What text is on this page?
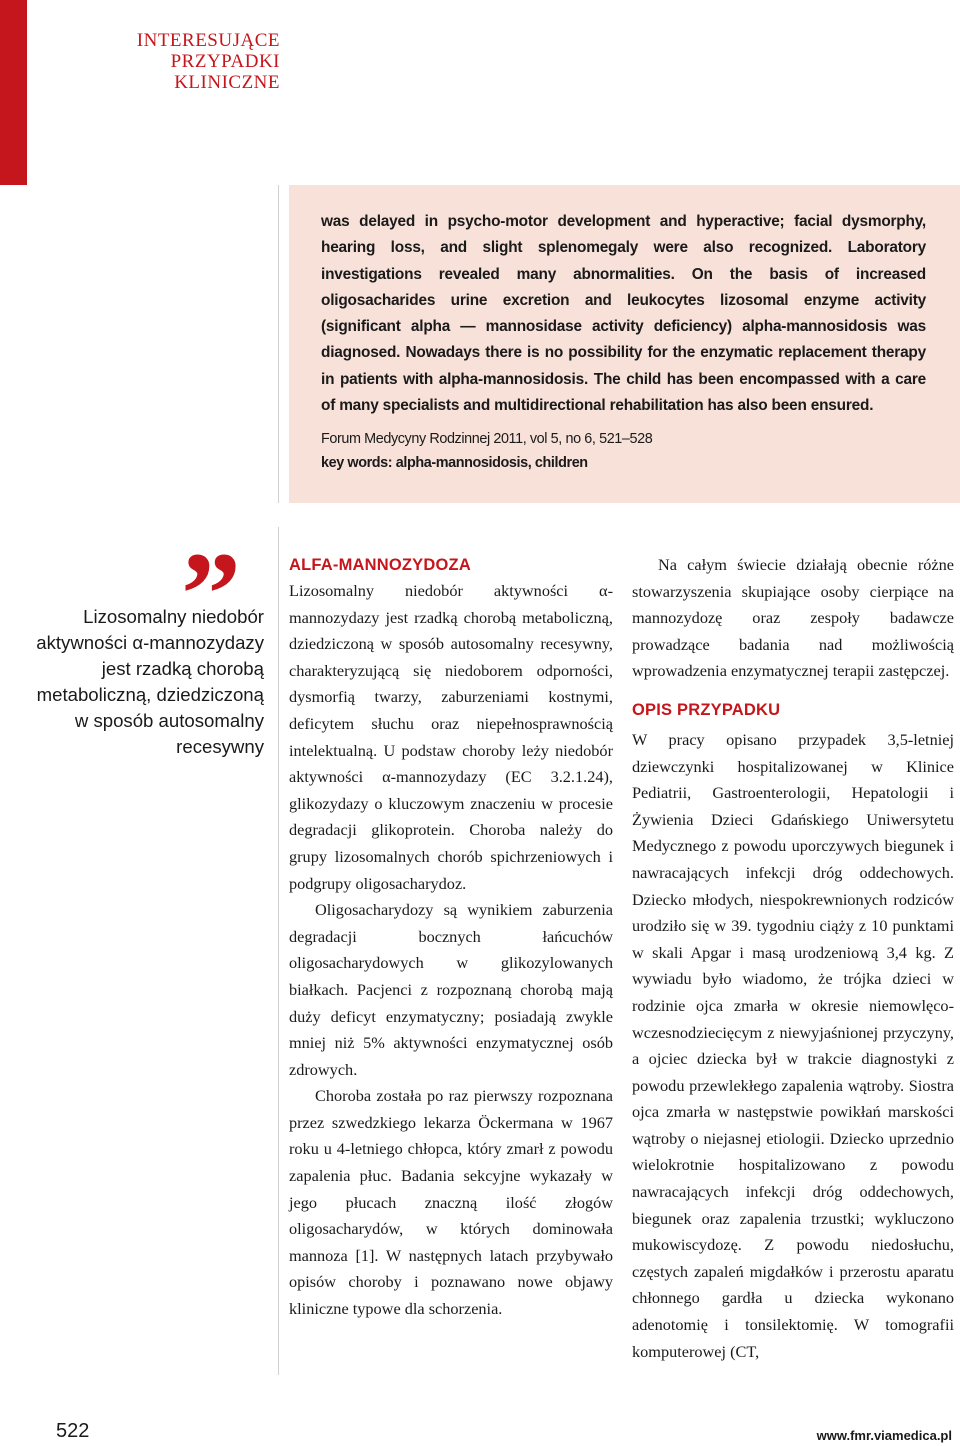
INTERESUJĄCE
PRZYPADKI
KLINICZNE

was delayed in psycho-motor development and hyperactive; facial dysmorphy, hearing loss, and slight splenomegaly were also recognized. Laboratory investigations revealed many abnormalities. On the basis of increased oligosacharides urine excretion and leukocytes lizosomal enzyme activity (significant alpha — mannosidase activity deficiency) alpha-mannosidosis was diagnosed. Nowadays there is no possibility for the enzymatic replacement therapy in patients with alpha-mannosidosis. The child has been encompassed with a care of many specialists and multidirectional rehabilitation has also been ensured.

Forum Medycyny Rodzinnej 2011, vol 5, no 6, 521–528

key words: alpha-mannosidosis, children

”

Lizosomalny niedobór aktywności α-mannozydazy jest rzadką chorobą metaboliczną, dziedziczoną w sposób autosomalny recesywny

ALFA-MANNOZYDOZA

Lizosomalny niedobór aktywności α-mannozydazy jest rzadką chorobą metaboliczną, dziedziczoną w sposób autosomalny recesywny, charakteryzującą się niedoborem odporności, dysmorfią twarzy, zaburzeniami kostnymi, deficytem słuchu oraz niepełnosprawnością intelektualną. U podstaw choroby leży niedobór aktywności α-mannozydazy (EC 3.2.1.24), glikozydazy o kluczowym znaczeniu w procesie degradacji glikoprotein. Choroba należy do grupy lizosomalnych chorób spichrzeniowych i podgrupy oligosacharydoz.

Oligosacharydozy są wynikiem zaburzenia degradacji bocznych łańcuchów oligosacharydowych w glikozylowanych białkach. Pacjenci z rozpoznaną chorobą mają duży deficyt enzymatyczny; posiadają zwykle mniej niż 5% aktywności enzymatycznej osób zdrowych.

Choroba została po raz pierwszy rozpoznana przez szwedzkiego lekarza Öckermana w 1967 roku u 4-letniego chłopca, który zmarł z powodu zapalenia płuc. Badania sekcyjne wykazały w jego płucach znaczną ilość złogów oligosacharydów, w których dominowała mannoza [1]. W następnych latach przybywało opisów choroby i poznawano nowe objawy kliniczne typowe dla schorzenia.

Na całym świecie działają obecnie różne stowarzyszenia skupiające osoby cierpiące na mannozydozę oraz zespoły badawcze prowadzące badania nad możliwością wprowadzenia enzymatycznej terapii zastępczej.

OPIS PRZYPADKU

W pracy opisano przypadek 3,5-letniej dziewczynki hospitalizowanej w Klinice Pediatrii, Gastroenterologii, Hepatologii i Żywienia Dzieci Gdańskiego Uniwersytetu Medycznego z powodu uporczywych biegunek i nawracających infekcji dróg oddechowych. Dziecko młodych, niespokrewnionych rodziców urodziło się w 39. tygodniu ciąży z 10 punktami w skali Apgar i masą urodzeniową 3,4 kg. Z wywiadu było wiadomo, że trójka dzieci w rodzinie ojca zmarła w okresie niemowlęco-wczesnodziecięcym z niewyjaśnionej przyczyny, a ojciec dziecka był w trakcie diagnostyki z powodu przewlekłego zapalenia wątroby. Siostra ojca zmarła w następstwie powikłań marskości wątroby o niejasnej etiologii. Dziecko uprzednio wielokrotnie hospitalizowano z powodu nawracających infekcji dróg oddechowych, biegunek oraz zapalenia trzustki; wykluczono mukowiscydozę. Z powodu niedosłuchu, częstych zapaleń migdałków i przerostu aparatu chłonnego gardła u dziecka wykonano adenotomię i tonsilektomię. W tomografii komputerowej (CT,

522	www.fmr.viamedica.pl
